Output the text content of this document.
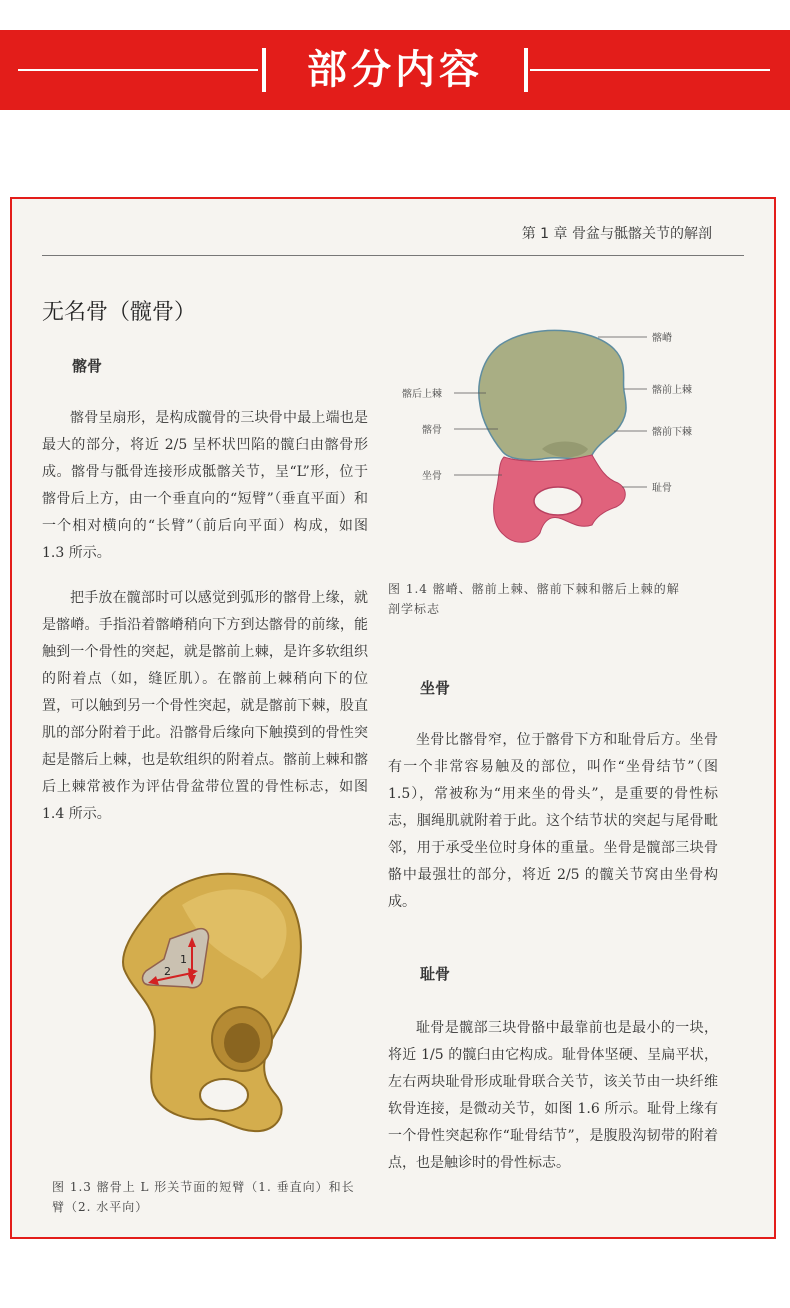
部分内容
第 1 章 骨盆与骶髂关节的解剖
无名骨（髋骨）
髂骨

髂骨呈扇形，是构成髋骨的三块骨中最上端也是最大的部分，将近 2/5 呈杯状凹陷的髋臼由髂骨形成。髂骨与骶骨连接形成骶髂关节，呈“L”形，位于髂骨后上方，由一个垂直向的“短臂”（垂直平面）和一个相对横向的“长臂”（前后向平面）构成，如图 1.3 所示。

把手放在髋部时可以感觉到弧形的髂骨上缘，就是髂嵴。手指沿着髂嵴稍向下方到达髂骨的前缘，能触到一个骨性的突起，就是髂前上棘，是许多软组织的附着点（如，缝匠肌）。在髂前上棘稍向下的位置，可以触到另一个骨性突起，就是髂前下棘，股直肌的部分附着于此。沿髂骨后缘向下触摸到的骨性突起是髂后上棘，也是软组织的附着点。髂前上棘和髂后上棘常被作为评估骨盆带位置的骨性标志，如图 1.4 所示。

1
2
图 1.3 髂骨上 L 形关节面的短臂（1. 垂直向）和长
臂（2. 水平向）
髂嵴
髂后上棘	髂前上棘
髂骨	髂前下棘
坐骨
耻骨
图 1.4 髂嵴、髂前上棘、髂前下棘和髂后上棘的解
剖学标志
坐骨

坐骨比髂骨窄，位于髂骨下方和耻骨后方。坐骨有一个非常容易触及的部位，叫作“坐骨结节”（图 1.5），常被称为“用来坐的骨头”，是重要的骨性标志，腘绳肌就附着于此。这个结节状的突起与尾骨毗邻，用于承受坐位时身体的重量。坐骨是髋部三块骨骼中最强壮的部分，将近 2/5 的髋关节窝由坐骨构成。

耻骨

耻骨是髋部三块骨骼中最靠前也是最小的一块，将近 1/5 的髋臼由它构成。耻骨体坚硬、呈扁平状，左右两块耻骨形成耻骨联合关节，该关节由一块纤维软骨连接，是微动关节，如图 1.6 所示。耻骨上缘有一个骨性突起称作“耻骨结节”，是腹股沟韧带的附着点，也是触诊时的骨性标志。
